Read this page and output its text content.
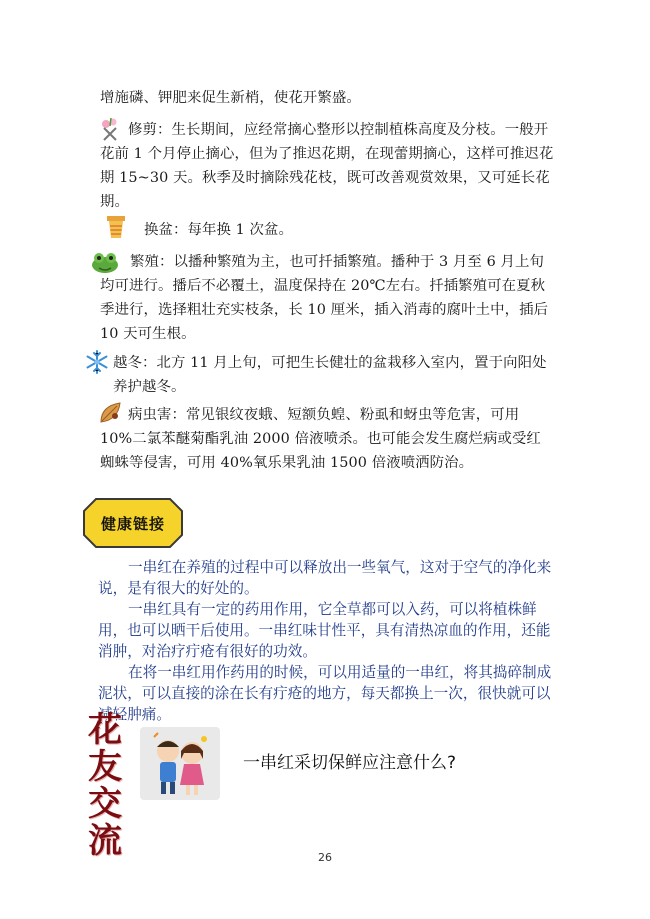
增施磷、钾肥来促生新梢，使花开繁盛。
修剪：生长期间，应经常摘心整形以控制植株高度及分枝。一般开花前 1 个月停止摘心，但为了推迟花期，在现蕾期摘心，这样可推迟花期 15~30 天。秋季及时摘除残花枝，既可改善观赏效果，又可延长花期。
换盆：每年换 1 次盆。
繁殖：以播种繁殖为主，也可扦插繁殖。播种于 3 月至 6 月上旬均可进行。播后不必覆土，温度保持在 20℃左右。扦插繁殖可在夏秋季进行，选择粗壮充实枝条，长 10 厘米，插入消毒的腐叶土中，插后 10 天可生根。
越冬：北方 11 月上旬，可把生长健壮的盆栽移入室内，置于向阳处养护越冬。
病虫害：常见银纹夜蛾、短额负蝗、粉虱和蚜虫等危害，可用 10%二氯苯醚菊酯乳油 2000 倍液喷杀。也可能会发生腐烂病或受红蜘蛛等侵害，可用 40%氧乐果乳油 1500 倍液喷洒防治。
健康链接
一串红在养殖的过程中可以释放出一些氧气，这对于空气的净化来说，是有很大的好处的。
一串红具有一定的药用作用，它全草都可以入药，可以将植株鲜用，也可以晒干后使用。一串红味甘性平，具有清热凉血的作用，还能消肿，对治疗疔疮有很好的功效。
在将一串红用作药用的时候，可以用适量的一串红，将其捣碎制成泥状，可以直接的涂在长有疔疮的地方，每天都换上一次，很快就可以减轻肿痛。
花
友
交
流
一串红采切保鲜应注意什么?
26
